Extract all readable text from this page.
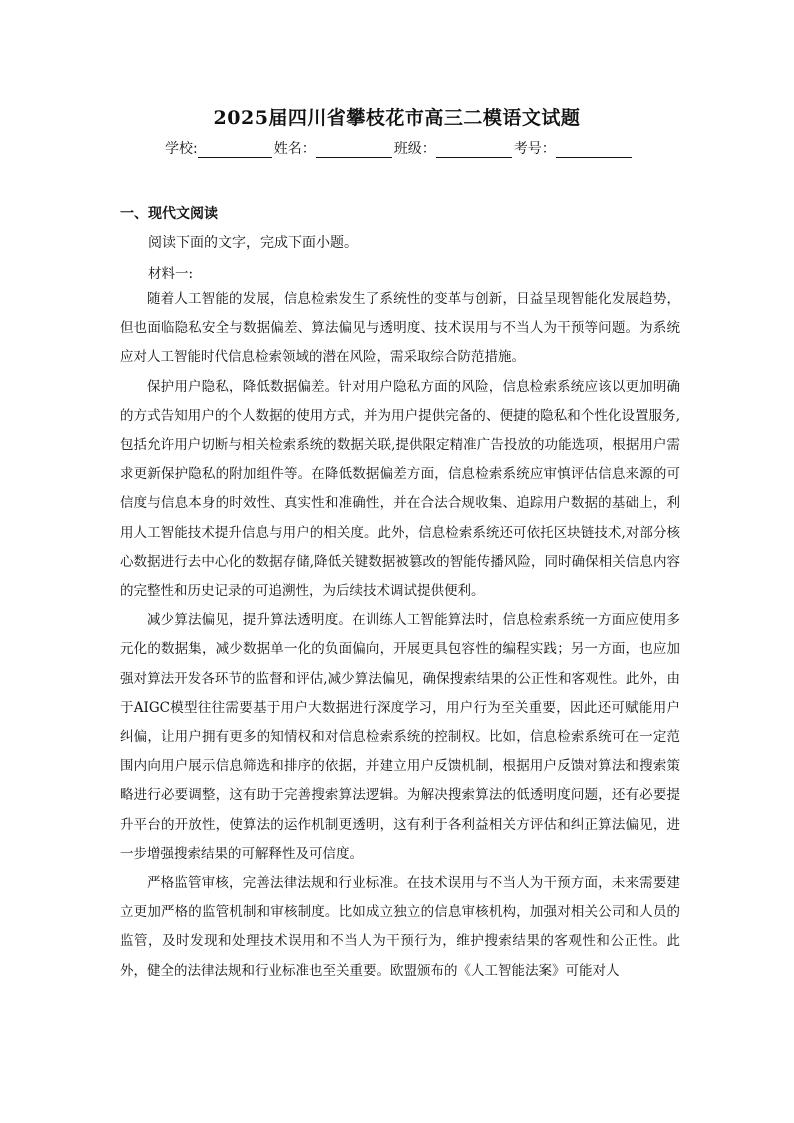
2025届四川省攀枝花市高三二模语文试题
学校:	姓名：	班级：	考号：
一、现代文阅读
阅读下面的文字，完成下面小题。
材料一:

随着人工智能的发展，信息检索发生了系统性的变革与创新，日益呈现智能化发展趋势，但也面临隐私安全与数据偏差、算法偏见与透明度、技术误用与不当人为干预等问题。为系统应对人工智能时代信息检索领域的潜在风险，需采取综合防范措施。

保护用户隐私，降低数据偏差。针对用户隐私方面的风险，信息检索系统应该以更加明确的方式告知用户的个人数据的使用方式，并为用户提供完备的、便捷的隐私和个性化设置服务,包括允许用户切断与相关检索系统的数据关联,提供限定精准广告投放的功能选项，根据用户需求更新保护隐私的附加组件等。在降低数据偏差方面，信息检索系统应审慎评估信息来源的可信度与信息本身的时效性、真实性和准确性，并在合法合规收集、追踪用户数据的基础上，利用人工智能技术提升信息与用户的相关度。此外，信息检索系统还可依托区块链技术,对部分核心数据进行去中心化的数据存储,降低关键数据被篡改的智能传播风险，同时确保相关信息内容的完整性和历史记录的可追溯性，为后续技术调试提供便利。

减少算法偏见，提升算法透明度。在训练人工智能算法时，信息检索系统一方面应使用多元化的数据集，减少数据单一化的负面偏向，开展更具包容性的编程实践；另一方面，也应加强对算法开发各环节的监督和评估,减少算法偏见，确保搜索结果的公正性和客观性。此外，由于AIGC模型往往需要基于用户大数据进行深度学习，用户行为至关重要，因此还可赋能用户纠偏，让用户拥有更多的知情权和对信息检索系统的控制权。比如，信息检索系统可在一定范围内向用户展示信息筛选和排序的依据，并建立用户反馈机制，根据用户反馈对算法和搜索策略进行必要调整，这有助于完善搜索算法逻辑。为解决搜索算法的低透明度问题，还有必要提升平台的开放性，使算法的运作机制更透明，这有利于各利益相关方评估和纠正算法偏见，进一步增强搜索结果的可解释性及可信度。

严格监管审核，完善法律法规和行业标准。在技术误用与不当人为干预方面，未来需要建立更加严格的监管机制和审核制度。比如成立独立的信息审核机构，加强对相关公司和人员的监管，及时发现和处理技术误用和不当人为干预行为，维护搜索结果的客观性和公正性。此外，健全的法律法规和行业标准也至关重要。欧盟颁布的《人工智能法案》可能对人
